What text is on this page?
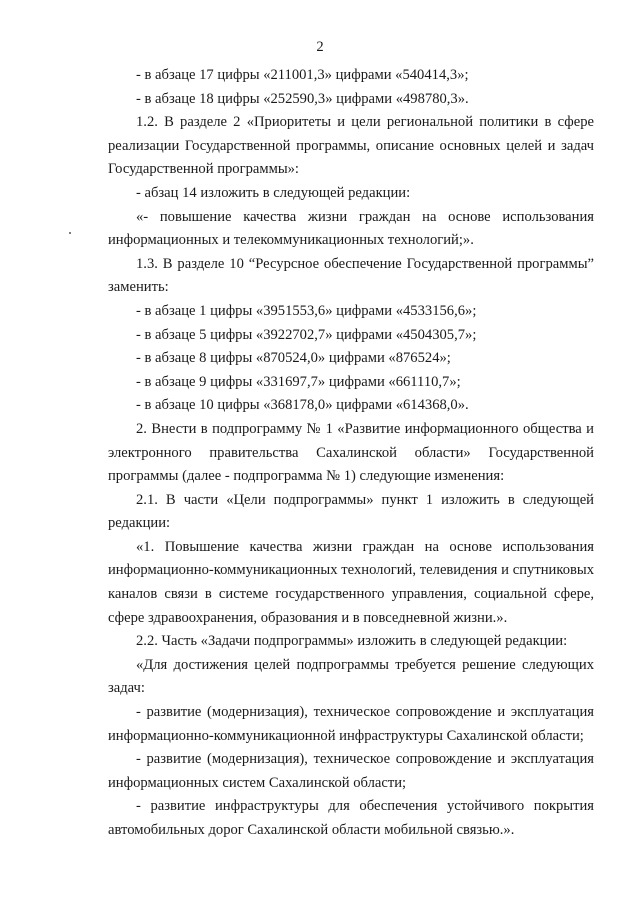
2

- в абзаце 17 цифры «211001,3» цифрами «540414,3»;

- в абзаце 18 цифры «252590,3» цифрами «498780,3».

1.2. В разделе 2 «Приоритеты и цели региональной политики в сфере реализации Государственной программы, описание основных целей и задач Государственной программы»:

- абзац 14 изложить в следующей редакции:

«- повышение качества жизни граждан на основе использования информационных и телекоммуникационных технологий;».

1.3. В разделе 10 “Ресурсное обеспечение Государственной программы” заменить:

- в абзаце 1 цифры «3951553,6» цифрами «4533156,6»;

- в абзаце 5 цифры «3922702,7» цифрами «4504305,7»;

- в абзаце 8 цифры «870524,0» цифрами «876524»;

- в абзаце 9 цифры «331697,7» цифрами «661110,7»;

- в абзаце 10 цифры «368178,0» цифрами «614368,0».

2. Внести в подпрограмму № 1 «Развитие информационного общества и электронного правительства Сахалинской области» Государственной программы (далее - подпрограмма № 1) следующие изменения:

2.1. В части «Цели подпрограммы» пункт 1 изложить в следующей редакции:

«1. Повышение качества жизни граждан на основе использования информационно-коммуникационных технологий, телевидения и спутниковых каналов связи в системе государственного управления, социальной сфере, сфере здравоохранения, образования и в повседневной жизни.».

2.2. Часть «Задачи подпрограммы» изложить в следующей редакции:

«Для достижения целей подпрограммы требуется решение следующих задач:

- развитие (модернизация), техническое сопровождение и эксплуатация информационно-коммуникационной инфраструктуры Сахалинской области;

- развитие (модернизация), техническое сопровождение и эксплуатация информационных систем Сахалинской области;

- развитие инфраструктуры для обеспечения устойчивого покрытия автомобильных дорог Сахалинской области мобильной связью.».
